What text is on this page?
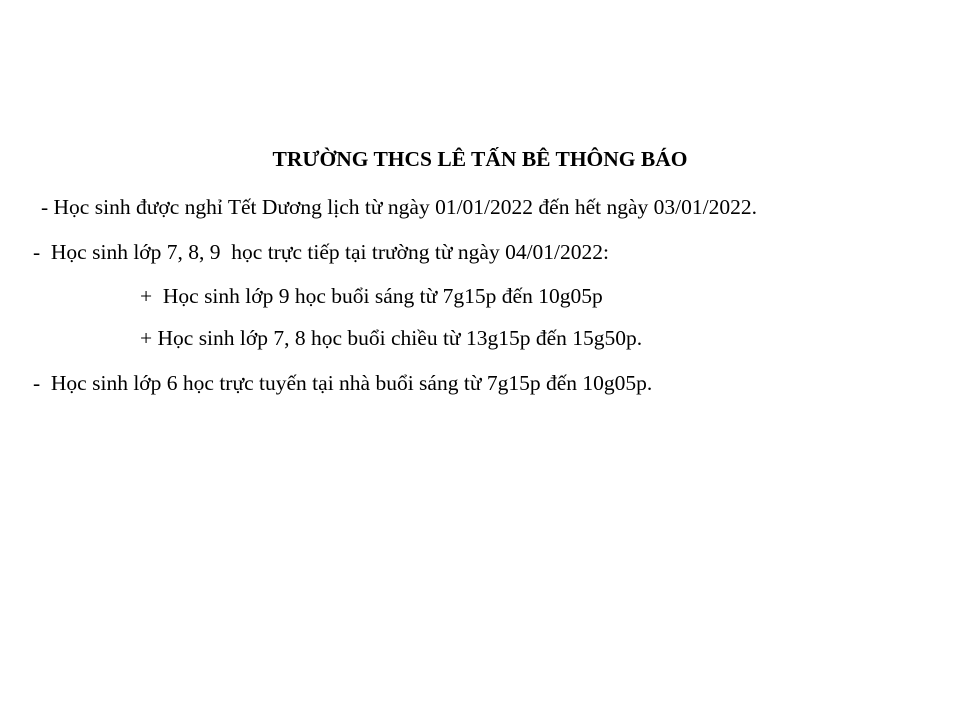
TRƯỜNG THCS LÊ TẤN BÊ THÔNG BÁO
- Học sinh được nghỉ Tết Dương lịch từ ngày 01/01/2022 đến hết ngày 03/01/2022.
-  Học sinh lớp 7, 8, 9  học trực tiếp tại trường từ ngày 04/01/2022:
+  Học sinh lớp 9 học buổi sáng từ 7g15p đến 10g05p
+ Học sinh lớp 7, 8 học buổi chiều từ 13g15p đến 15g50p.
-  Học sinh lớp 6 học trực tuyến tại nhà buổi sáng từ 7g15p đến 10g05p.
